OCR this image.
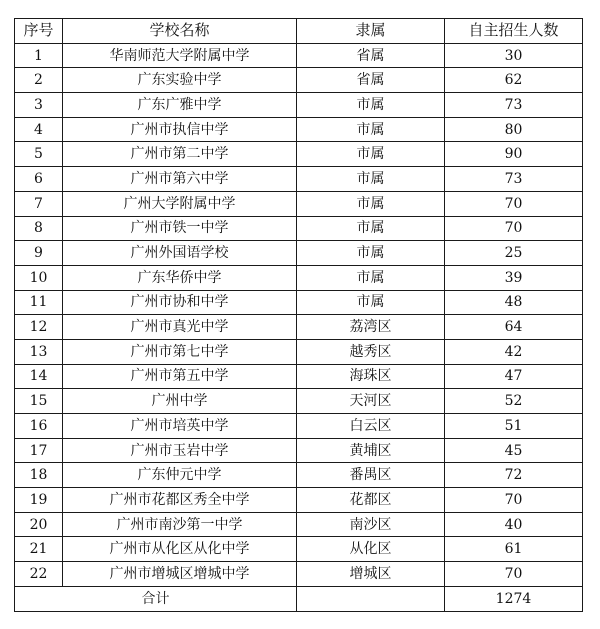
序号	学校名称	隶属	自主招生人数
1	华南师范大学附属中学	省属	30
2	广东实验中学	省属	62
3	广东广雅中学	市属	73
4	广州市执信中学	市属	80
5	广州市第二中学	市属	90
6	广州市第六中学	市属	73
7	广州大学附属中学	市属	70
8	广州市铁一中学	市属	70
9	广州外国语学校	市属	25
10	广东华侨中学	市属	39
11	广州市协和中学	市属	48
12	广州市真光中学	荔湾区	64
13	广州市第七中学	越秀区	42
14	广州市第五中学	海珠区	47
15	广州中学	天河区	52
16	广州市培英中学	白云区	51
17	广州市玉岩中学	黄埔区	45
18	广东仲元中学	番禺区	72
19	广州市花都区秀全中学	花都区	70
20	广州市南沙第一中学	南沙区	40
21	广州市从化区从化中学	从化区	61
22	广州市增城区增城中学	增城区	70
合计			1274
